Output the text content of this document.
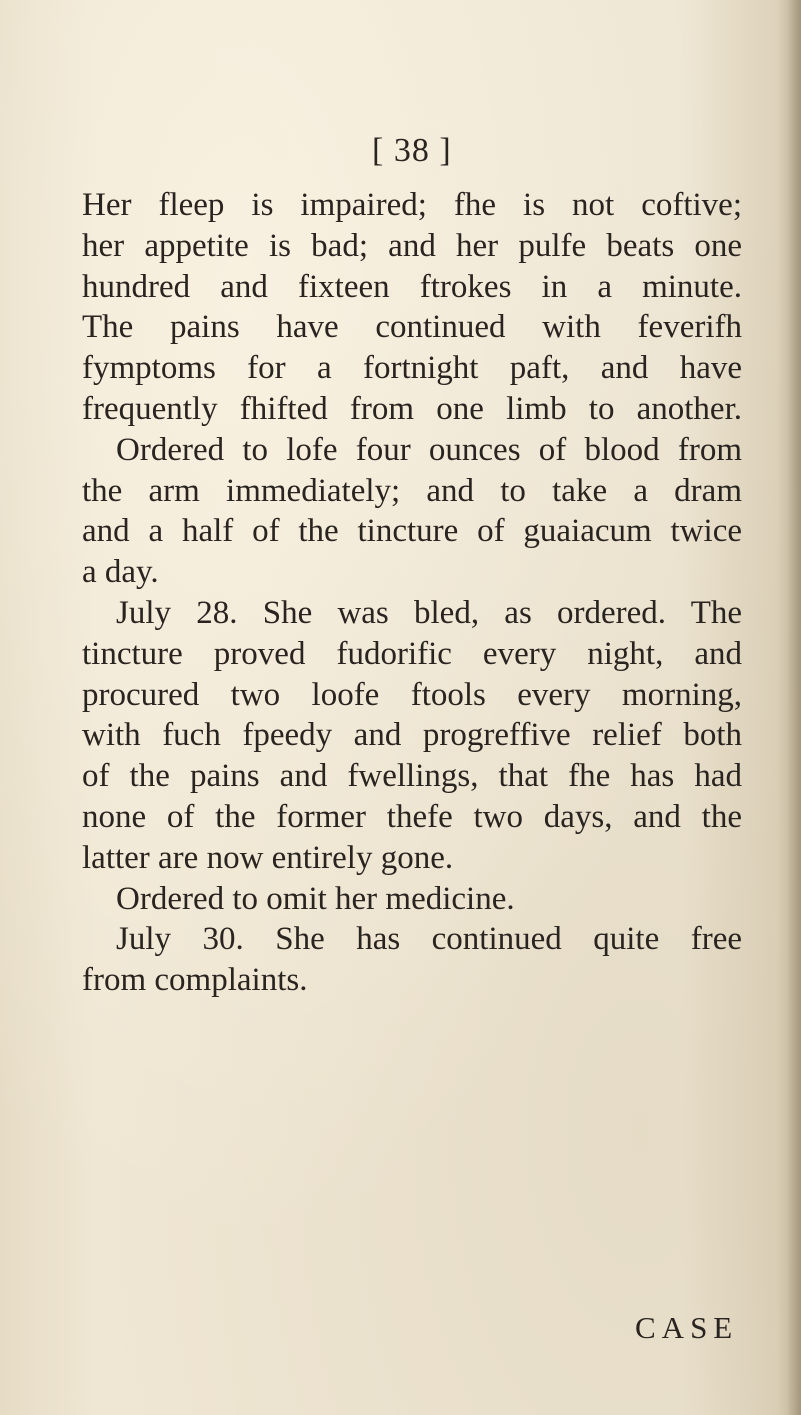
[ 38 ]

Her fleep is impaired; fhe is not coftive;
her appetite is bad; and her pulfe beats one
hundred and fixteen ftrokes in a minute.
The pains have continued with feverifh
fymptoms for a fortnight paft, and have
frequently fhifted from one limb to another.
Ordered to lofe four ounces of blood from
the arm immediately; and to take a dram
and a half of the tincture of guaiacum twice
a day.
July 28. She was bled, as ordered. The
tincture proved fudorific every night, and
procured two loofe ftools every morning,
with fuch fpeedy and progreffive relief both
of the pains and fwellings, that fhe has had
none of the former thefe two days, and the
latter are now entirely gone.
Ordered to omit her medicine.
July 30. She has continued quite free
from complaints.

CASE
